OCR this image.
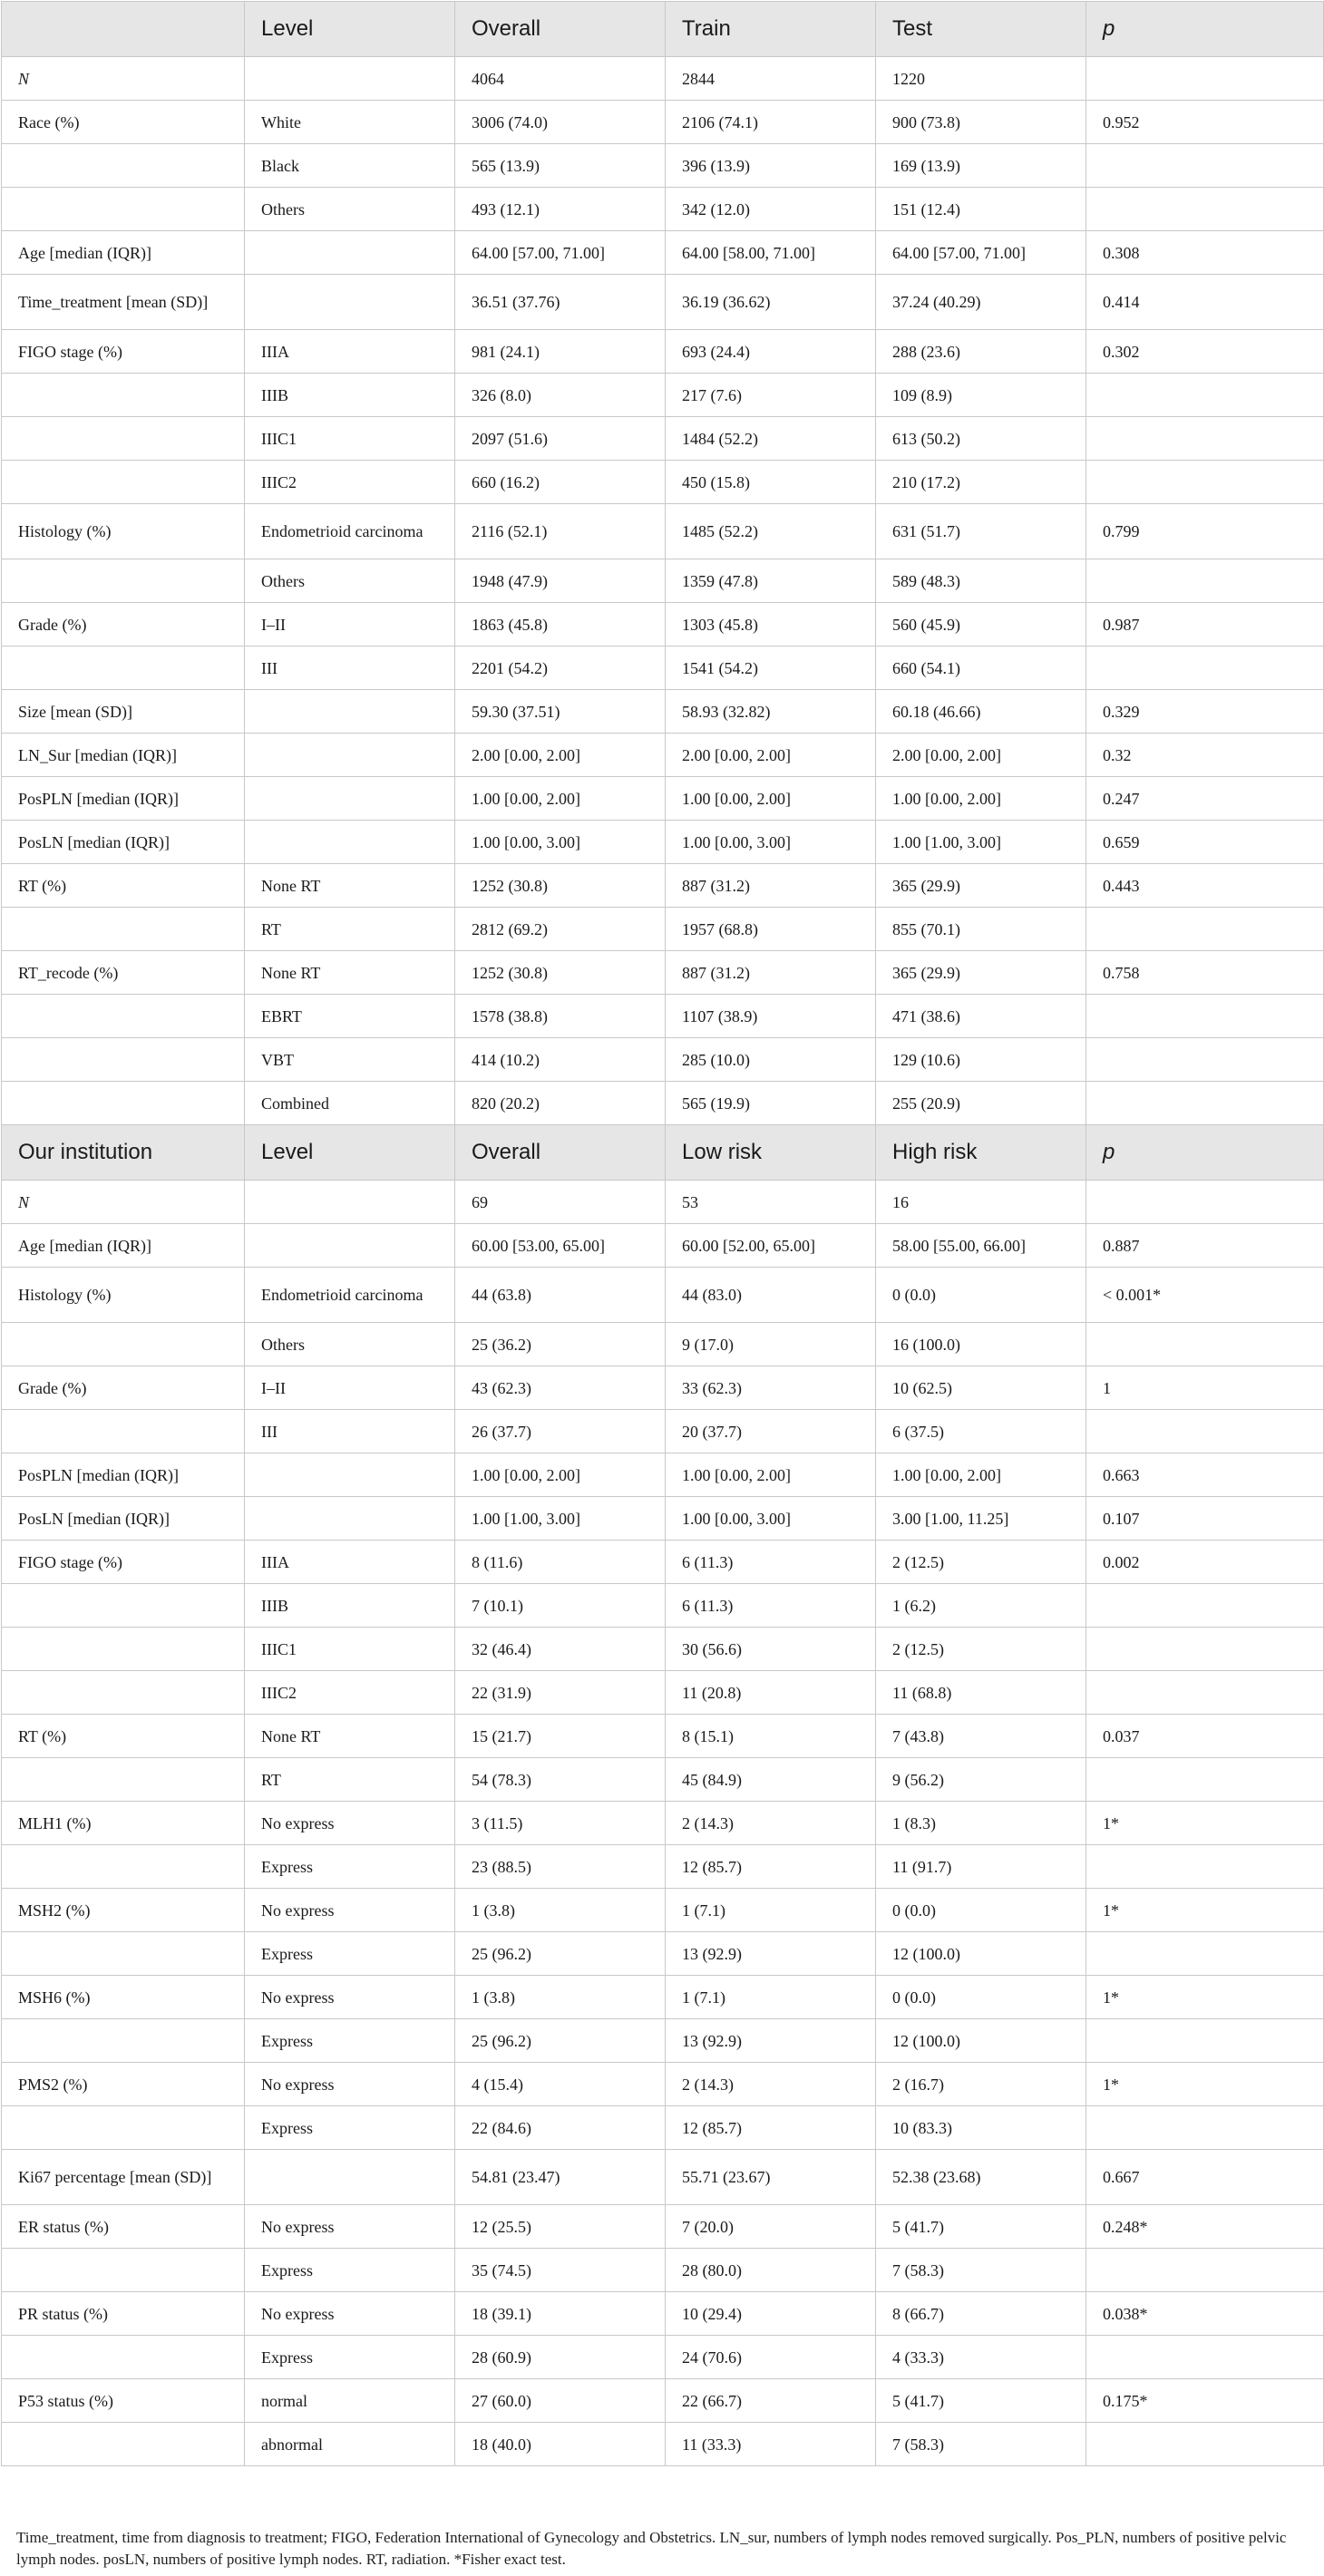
	Level	Overall	Train	Test	p
N		4064	2844	1220	
Race (%)	White	3006 (74.0)	2106 (74.1)	900 (73.8)	0.952
	Black	565 (13.9)	396 (13.9)	169 (13.9)	
	Others	493 (12.1)	342 (12.0)	151 (12.4)	
Age [median (IQR)]		64.00 [57.00, 71.00]	64.00 [58.00, 71.00]	64.00 [57.00, 71.00]	0.308
Time_treatment [mean (SD)]		36.51 (37.76)	36.19 (36.62)	37.24 (40.29)	0.414
FIGO stage (%)	IIIA	981 (24.1)	693 (24.4)	288 (23.6)	0.302
	IIIB	326 (8.0)	217 (7.6)	109 (8.9)	
	IIIC1	2097 (51.6)	1484 (52.2)	613 (50.2)	
	IIIC2	660 (16.2)	450 (15.8)	210 (17.2)	
Histology (%)	Endometrioid carcinoma	2116 (52.1)	1485 (52.2)	631 (51.7)	0.799
	Others	1948 (47.9)	1359 (47.8)	589 (48.3)	
Grade (%)	I–II	1863 (45.8)	1303 (45.8)	560 (45.9)	0.987
	III	2201 (54.2)	1541 (54.2)	660 (54.1)	
Size [mean (SD)]		59.30 (37.51)	58.93 (32.82)	60.18 (46.66)	0.329
LN_Sur [median (IQR)]		2.00 [0.00, 2.00]	2.00 [0.00, 2.00]	2.00 [0.00, 2.00]	0.32
PosPLN [median (IQR)]		1.00 [0.00, 2.00]	1.00 [0.00, 2.00]	1.00 [0.00, 2.00]	0.247
PosLN [median (IQR)]		1.00 [0.00, 3.00]	1.00 [0.00, 3.00]	1.00 [1.00, 3.00]	0.659
RT (%)	None RT	1252 (30.8)	887 (31.2)	365 (29.9)	0.443
	RT	2812 (69.2)	1957 (68.8)	855 (70.1)	
RT_recode (%)	None RT	1252 (30.8)	887 (31.2)	365 (29.9)	0.758
	EBRT	1578 (38.8)	1107 (38.9)	471 (38.6)	
	VBT	414 (10.2)	285 (10.0)	129 (10.6)	
	Combined	820 (20.2)	565 (19.9)	255 (20.9)	
Our institution	Level	Overall	Low risk	High risk	p
N		69	53	16	
Age [median (IQR)]		60.00 [53.00, 65.00]	60.00 [52.00, 65.00]	58.00 [55.00, 66.00]	0.887
Histology (%)	Endometrioid carcinoma	44 (63.8)	44 (83.0)	0 (0.0)	< 0.001*
	Others	25 (36.2)	9 (17.0)	16 (100.0)	
Grade (%)	I–II	43 (62.3)	33 (62.3)	10 (62.5)	1
	III	26 (37.7)	20 (37.7)	6 (37.5)	
PosPLN [median (IQR)]		1.00 [0.00, 2.00]	1.00 [0.00, 2.00]	1.00 [0.00, 2.00]	0.663
PosLN [median (IQR)]		1.00 [1.00, 3.00]	1.00 [0.00, 3.00]	3.00 [1.00, 11.25]	0.107
FIGO stage (%)	IIIA	8 (11.6)	6 (11.3)	2 (12.5)	0.002
	IIIB	7 (10.1)	6 (11.3)	1 (6.2)	
	IIIC1	32 (46.4)	30 (56.6)	2 (12.5)	
	IIIC2	22 (31.9)	11 (20.8)	11 (68.8)	
RT (%)	None RT	15 (21.7)	8 (15.1)	7 (43.8)	0.037
	RT	54 (78.3)	45 (84.9)	9 (56.2)	
MLH1 (%)	No express	3 (11.5)	2 (14.3)	1 (8.3)	1*
	Express	23 (88.5)	12 (85.7)	11 (91.7)	
MSH2 (%)	No express	1 (3.8)	1 (7.1)	0 (0.0)	1*
	Express	25 (96.2)	13 (92.9)	12 (100.0)	
MSH6 (%)	No express	1 (3.8)	1 (7.1)	0 (0.0)	1*
	Express	25 (96.2)	13 (92.9)	12 (100.0)	
PMS2 (%)	No express	4 (15.4)	2 (14.3)	2 (16.7)	1*
	Express	22 (84.6)	12 (85.7)	10 (83.3)	
Ki67 percentage [mean (SD)]		54.81 (23.47)	55.71 (23.67)	52.38 (23.68)	0.667
ER status (%)	No express	12 (25.5)	7 (20.0)	5 (41.7)	0.248*
	Express	35 (74.5)	28 (80.0)	7 (58.3)	
PR status (%)	No express	18 (39.1)	10 (29.4)	8 (66.7)	0.038*
	Express	28 (60.9)	24 (70.6)	4 (33.3)	
P53 status (%)	normal	27 (60.0)	22 (66.7)	5 (41.7)	0.175*
	abnormal	18 (40.0)	11 (33.3)	7 (58.3)	
Time_treatment, time from diagnosis to treatment; FIGO, Federation International of Gynecology and Obstetrics. LN_sur, numbers of lymph nodes removed surgically. Pos_PLN, numbers of positive pelvic lymph nodes. posLN, numbers of positive lymph nodes. RT, radiation. *Fisher exact test.
